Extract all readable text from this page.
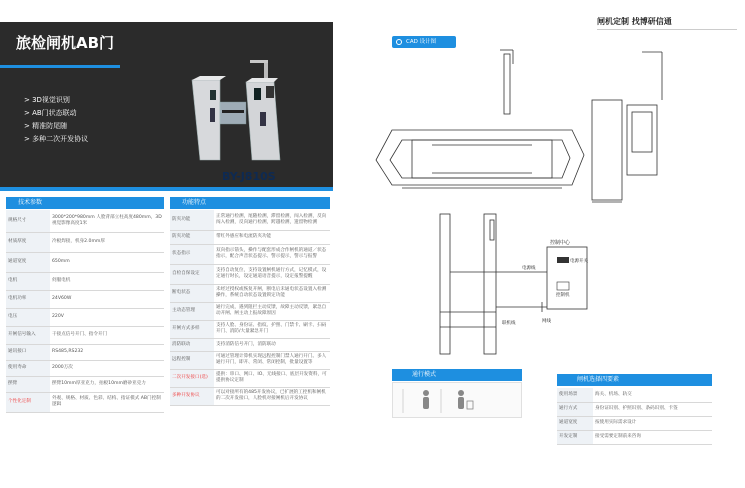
旅检闸机AB门
> 3D视觉识别
> AB门状态联动
> 精准防尾随
> 多种二次开发协议
BY-J810S
技术参数
规格尺寸	3000*200*980mm 人脸背部立柱高度480mm，3D视觉影像高度1米
材质厚度	冷板焊接，机身2.0mm厚
通道宽度	650mm
电机	伺服电机
电机功率	24V60W
电压	220V
开闸信号输入	干接点信号开门、指令开门
通讯接口	RS485,RS232
使用寿命	2000万次
摆臂	摆臂10mm厚亚克力，拍板10mm磨砂亚克力
个性化定制	外观、规格、材质、色彩、结构、指证模式 AB门控制逻辑
功能特点
防夹功能	正常通行检测，尾随检测，滞留检测，闯入检测，反向闯入检测，反向通行检测，跨越检测，遗留物检测
防夹功能	带红外感应和电流防夹功能
状态指示	双向指示箭头，操作与配套形成合作闸机的通道／状态指示，配合声音状态提示、警示提示，警示与报警
自检自保设定	支持自动复位，支持设置闸机通行方式，记忆模式，设定通行时长，设定通道语音提示，设定报警提醒
断电状态	未经过授权或恢复开闸，断电后未通电状态设置入检测操作，系统自动状态设置锁定功能
主动态管理	通行完成，遇到阻拦主动反馈，故障主动反馈，紧急自动开闸、闸主动上报故障原因
开闸方式多样	支持人脸、身份证、指纹、护照、门禁卡、刷卡、扫码开门、消防/大量紧急开门
消防联动	支持消防信号开门，消防联动
远程控制	可通过管理计算机实现远程控制门禁人通行开门。多人通行开门，即开、常闭、常闭控制，批量设置等
二次开发接口(选)	提供：串口、网口、IO、无线接口、底层开发资料，可提供协议定制
多种开发协议	可以对接所有的485开发协议，已扩展的工控机和闸机的二次开发接口，人脸机对接闸机后开发协议
闸机定制 找博研信通
CAD 设计图
控制中心
电源开关
控制机
电源线
网线
联机线
通行模式
闸机选择四要素
使用场景	海关、机场、轨交
通行方式	身份证识别、护照识别、条码识别、卡签
通道宽度	按使用实际需求设计
开发定制	接受需要定制前来咨询
